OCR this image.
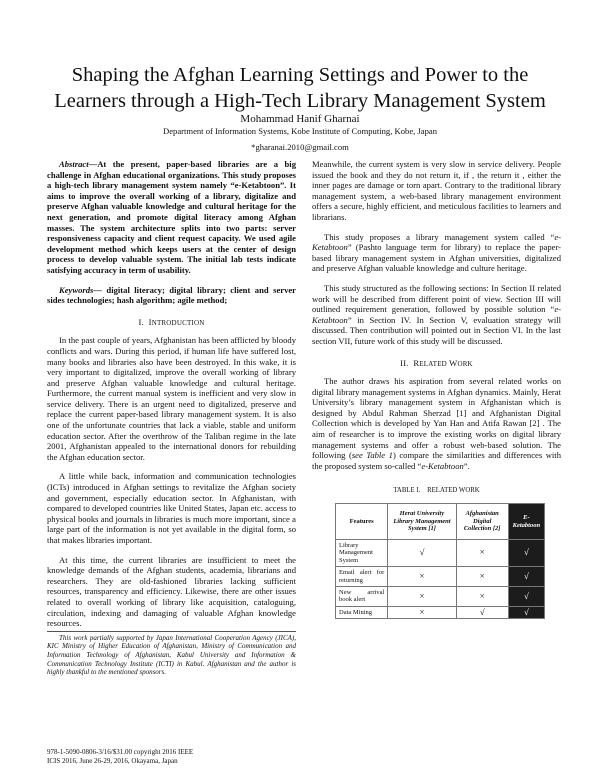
Shaping the Afghan Learning Settings and Power to the
Learners through a High-Tech Library Management System
Mohammad Hanif Gharnai
Department of Information Systems, Kobe Institute of Computing, Kobe, Japan
*gharanai.2010@gmail.com

Abstract—At the present, paper-based libraries are a big challenge in Afghan educational organizations. This study proposes a high-tech library management system namely “e-Ketabtoon”. It aims to improve the overall working of a library, digitalize and preserve Afghan valuable knowledge and cultural heritage for the next generation, and promote digital literacy among Afghan masses. The system architecture splits into two parts: server responsiveness capacity and client request capacity. We used agile development method which keeps users at the center of design process to develop valuable system. The initial lab tests indicate satisfying accuracy in term of usability.

Keywords— digital literacy; digital library; client and server sides technologies; hash algorithm; agile method;

I. INTRODUCTION

In the past couple of years, Afghanistan has been afflicted by bloody conflicts and wars. During this period, if human life have suffered lost, many books and libraries also have been destroyed. In this wake, it is very important to digitalized, improve the overall working of library and preserve Afghan valuable knowledge and cultural heritage. Furthermore, the current manual system is inefficient and very slow in service delivery. There is an urgent need to digitalized, preserve and replace the current paper-based library management system. It is also one of the unfortunate countries that lack a viable, stable and uniform education sector. After the overthrow of the Taliban regime in the late 2001, Afghanistan appealed to the international donors for rebuilding the Afghan education sector.

A little while back, information and communication technologies (ICTs) introduced in Afghan settings to revitalize the Afghan society and government, especially education sector. In Afghanistan, with compared to developed countries like United States, Japan etc. access to physical books and journals in libraries is much more important, since a large part of the information is not yet available in the digital form, so that makes libraries important.

At this time, the current libraries are insufficient to meet the knowledge demands of the Afghan students, academia, librarians and researchers. They are old-fashioned libraries lacking sufficient resources, transparency and efficiency. Likewise, there are other issues related to overall working of library like acquisition, cataloguing, circulation, indexing and damaging of valuable Afghan knowledge resources.

This work partially supported by Japan International Cooperation Agency (JICA), KIC Ministry of Higher Education of Afghanistan, Ministry of Communication and Information Technology of Afghanistan, Kabul University and Information & Communication Technology Institute (ICTI) in Kabul. Afghanistan and the author is highly thankful to the mentioned sponsors.

978-1-5090-0806-3/16/$31.00 copyright 2016 IEEE
ICIS 2016, June 26-29, 2016, Okayama, Japan

Meanwhile, the current system is very slow in service delivery. People issued the book and they do not return it, if , the return it , either the inner pages are damage or torn apart. Contrary to the traditional library management system, a web-based library management environment offers a secure, highly efficient, and meticulous facilities to learners and librarians.

This study proposes a library management system called “e-Ketabtoon” (Pashto language term for library) to replace the paper-based library management system in Afghan universities, digitalized and preserve Afghan valuable knowledge and culture heritage.

This study structured as the following sections: In Section II related work will be described from different point of view. Section III will outlined requirement generation, followed by possible solution “e-Ketabtoon” in Section IV. In Section V, evaluation strategy will discussed. Then contribution will pointed out in Section VI. In the last section VII, future work of this study will be discussed.

II. RELATED WORK

The author draws his aspiration from several related works on digital library management systems in Afghan dynamics. Mainly, Herat University’s library management system in Afghanistan which is designed by Abdul Rahman Sherzad [1] and Afghanistan Digital Collection which is developed by Yan Han and Atifa Rawan [2] . The aim of researcher is to improve the existing works on digital library management systems and offer a robust web-based solution. The following (see Table 1) compare the similarities and differences with the proposed system so-called “e-Ketabtoon”.

TABLE I. RELATED WORK
Features	Herat University Library Management System [1]	Afghanistan Digital Collection [2]	E-Ketabtoon
Library Management System	√	×	√
Email alert for returning	×	×	√
New arrival book alert	×	×	√
Data Mining	×	√	√
